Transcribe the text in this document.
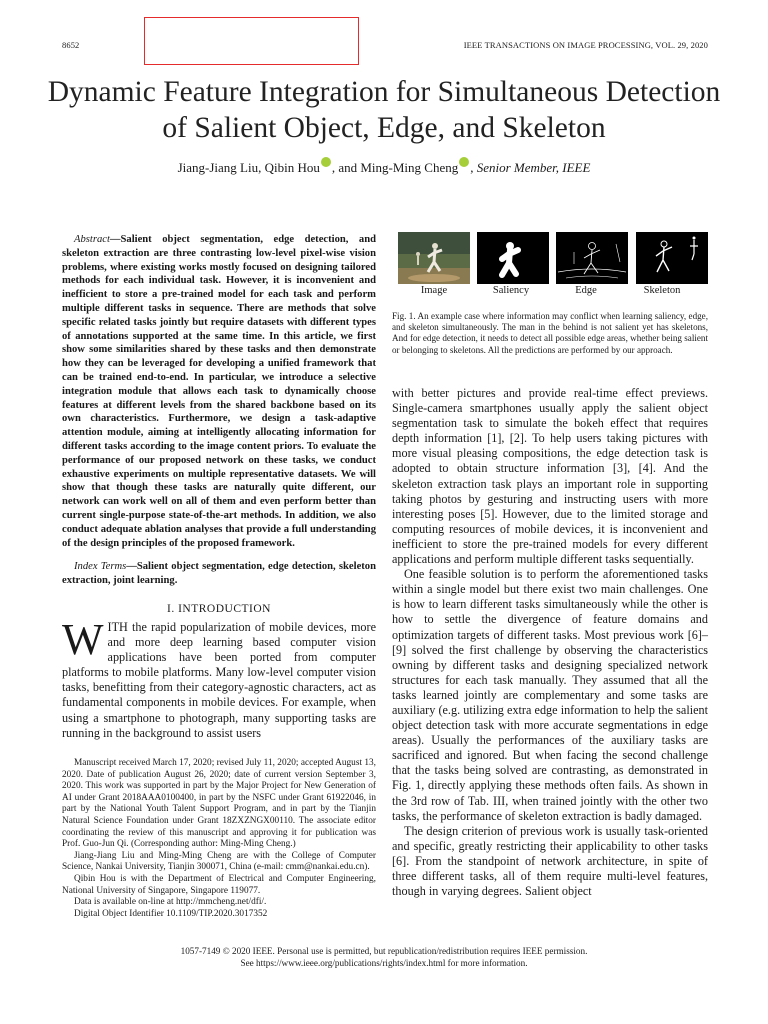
8652	IEEE TRANSACTIONS ON IMAGE PROCESSING, VOL. 29, 2020
Dynamic Feature Integration for Simultaneous Detection of Salient Object, Edge, and Skeleton
Jiang-Jiang Liu, Qibin Hou , and Ming-Ming Cheng , Senior Member, IEEE
Abstract—Salient object segmentation, edge detection, and skeleton extraction are three contrasting low-level pixel-wise vision problems, where existing works mostly focused on designing tailored methods for each individual task. However, it is inconvenient and inefficient to store a pre-trained model for each task and perform multiple different tasks in sequence. There are methods that solve specific related tasks jointly but require datasets with different types of annotations supported at the same time. In this article, we first show some similarities shared by these tasks and then demonstrate how they can be leveraged for developing a unified framework that can be trained end-to-end. In particular, we introduce a selective integration module that allows each task to dynamically choose features at different levels from the shared backbone based on its own characteristics. Furthermore, we design a task-adaptive attention module, aiming at intelligently allocating information for different tasks according to the image content priors. To evaluate the performance of our proposed network on these tasks, we conduct exhaustive experiments on multiple representative datasets. We will show that though these tasks are naturally quite different, our network can work well on all of them and even perform better than current single-purpose state-of-the-art methods. In addition, we also conduct adequate ablation analyses that provide a full understanding of the design principles of the proposed framework.
Index Terms—Salient object segmentation, edge detection, skeleton extraction, joint learning.
I. INTRODUCTION
WITH the rapid popularization of mobile devices, more and more deep learning based computer vision applications have been ported from computer platforms to mobile platforms. Many low-level computer vision tasks, benefitting from their category-agnostic characters, act as fundamental components in mobile devices. For example, when using a smartphone to photograph, many supporting tasks are running in the background to assist users

Manuscript received March 17, 2020; revised July 11, 2020; accepted August 13, 2020. Date of publication August 26, 2020; date of current version September 3, 2020. This work was supported in part by the Major Project for New Generation of AI under Grant 2018AAA0100400, in part by the NSFC under Grant 61922046, in part by the National Youth Talent Support Program, and in part by the Tianjin Natural Science Foundation under Grant 18ZXZNGX00110. The associate editor coordinating the review of this manuscript and approving it for publication was Prof. Guo-Jun Qi. (Corresponding author: Ming-Ming Cheng.)

Jiang-Jiang Liu and Ming-Ming Cheng are with the College of Computer Science, Nankai University, Tianjin 300071, China (e-mail: cmm@nankai.edu.cn).

Qibin Hou is with the Department of Electrical and Computer Engineering, National University of Singapore, Singapore 119077.

Data is available on-line at http://mmcheng.net/dfi/.

Digital Object Identifier 10.1109/TIP.2020.3017352

Image	Saliency	Edge	Skeleton
Fig. 1. An example case where information may conflict when learning saliency, edge, and skeleton simultaneously. The man in the behind is not salient yet has skeletons, And for edge detection, it needs to detect all possible edge areas, whether being salient or belonging to skeletons. All the predictions are performed by our approach.

with better pictures and provide real-time effect previews. Single-camera smartphones usually apply the salient object segmentation task to simulate the bokeh effect that requires depth information [1], [2]. To help users taking pictures with more visual pleasing compositions, the edge detection task is adopted to obtain structure information [3], [4]. And the skeleton extraction task plays an important role in supporting taking photos by gesturing and instructing users with more interesting poses [5]. However, due to the limited storage and computing resources of mobile devices, it is inconvenient and inefficient to store the pre-trained models for every different applications and perform multiple different tasks sequentially.

One feasible solution is to perform the aforementioned tasks within a single model but there exist two main challenges. One is how to learn different tasks simultaneously while the other is how to settle the divergence of feature domains and optimization targets of different tasks. Most previous work [6]–[9] solved the first challenge by observing the characteristics owning by different tasks and designing specialized network structures for each task manually. They assumed that all the tasks learned jointly are complementary and some tasks are auxiliary (e.g. utilizing extra edge information to help the salient object detection task with more accurate segmentations in edge areas). Usually the performances of the auxiliary tasks are sacrificed and ignored. But when facing the second challenge that the tasks being solved are contrasting, as demonstrated in Fig. 1, directly applying these methods often fails. As shown in the 3rd row of Tab. III, when trained jointly with the other two tasks, the performance of skeleton extraction is badly damaged.

The design criterion of previous work is usually task-oriented and specific, greatly restricting their applicability to other tasks [6]. From the standpoint of network architecture, in spite of three different tasks, all of them require multi-level features, though in varying degrees. Salient object

1057-7149 © 2020 IEEE. Personal use is permitted, but republication/redistribution requires IEEE permission.
See https://www.ieee.org/publications/rights/index.html for more information.
